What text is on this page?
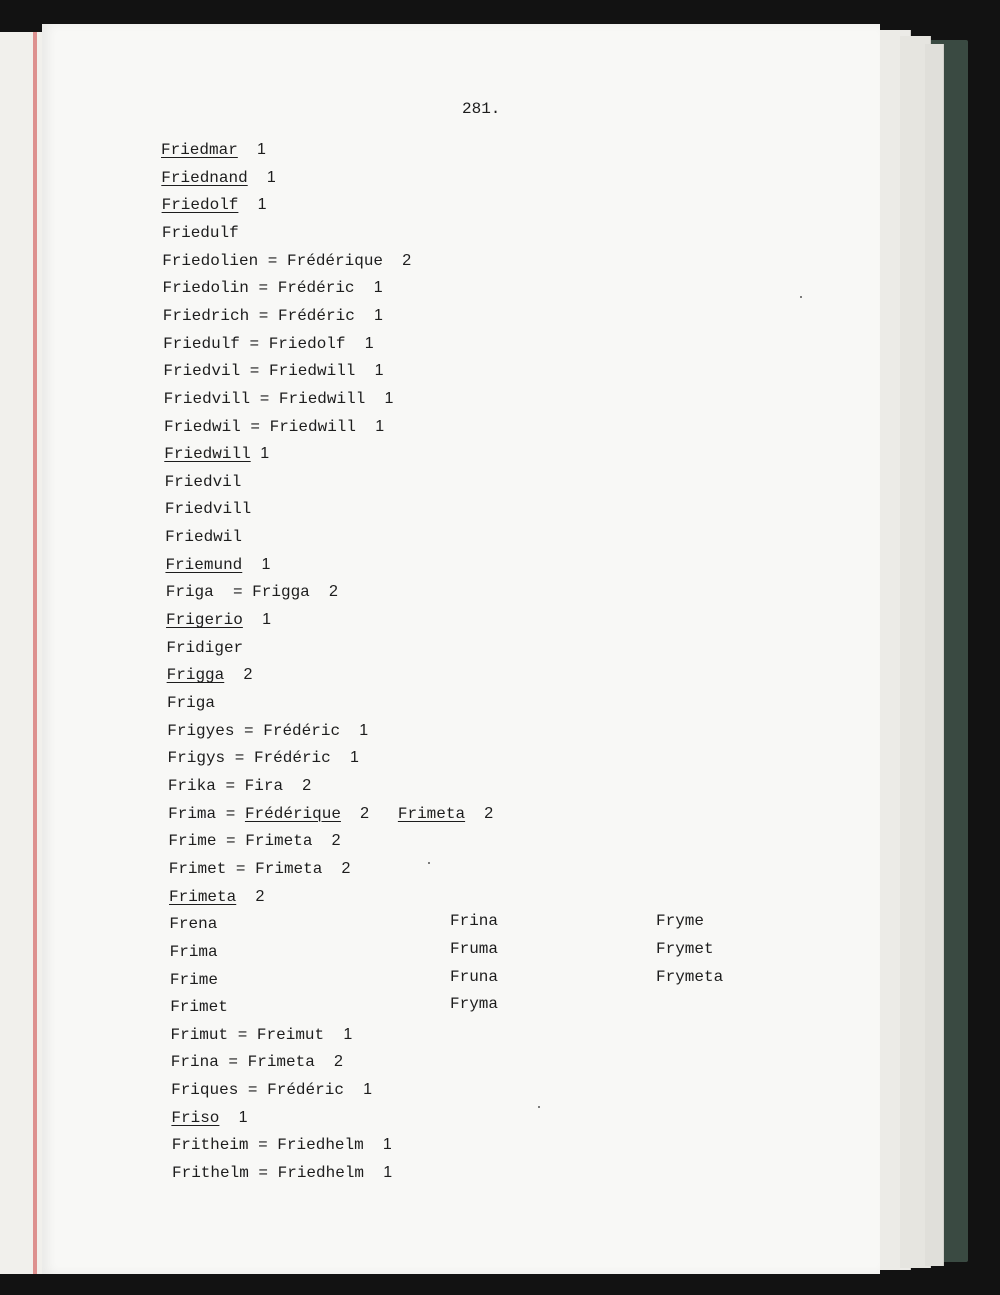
281.
Friedmar 1
Friednand 1
Friedolf 1
Friedulf
Friedolien = Frédérique  2
Friedolin = Frédéric  1
Friedrich = Frédéric  1
Friedulf = Friedolf  1
Friedvil = Friedwill  1
Friedvill = Friedwill  1
Friedwil = Friedwill  1
Friedwill 1
Friedvil
Friedvill
Friedwil
Friemund 1
Friga  = Frigga  2
Frigerio 1
Fridiger
Frigga 2
Friga
Frigyes = Frédéric  1
Frigys = Frédéric  1
Frika = Fira  2
Frima = Frédérique 2 Frimeta 2
Frime = Frimeta  2
Frimet = Frimeta  2
Frimeta 2
Frena
Frima
Frime
Frimet
Frimut = Freimut  1
Frina = Frimeta  2
Friques = Frédéric  1
Friso 1
Fritheim = Friedhelm  1
Frithelm = Friedhelm  1
Frina
Fruma
Fruna
Fryma
Fryme
Frymet
Frymeta
